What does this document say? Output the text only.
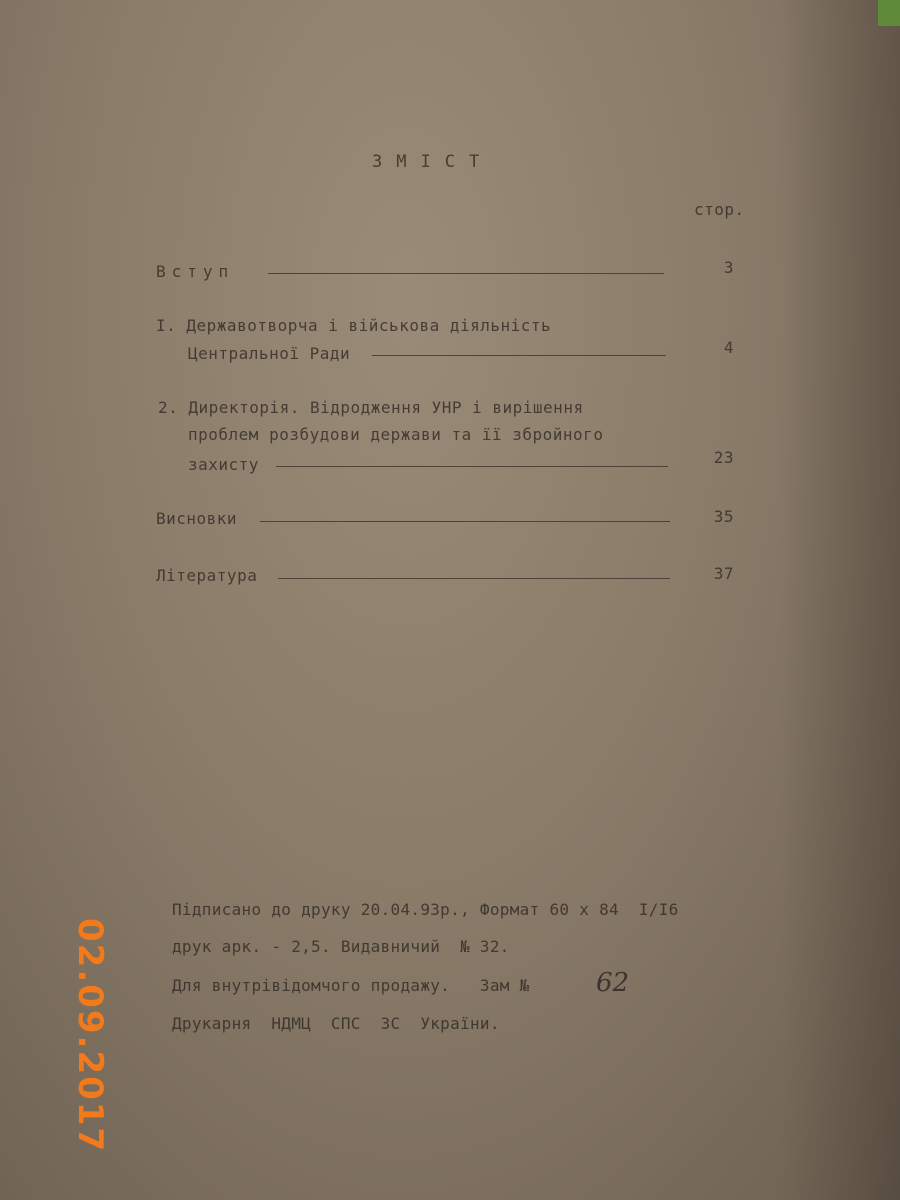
ЗМІСТ
стор.
Вступ	3
І. Державотворча і військова діяльність
Центральної Ради	4
2. Директорія. Відродження УНР і вирішення
проблем розбудови держави та її збройного
захисту	23
Висновки	35
Література	37
Підписано до друку 20.04.93р., Формат 60 х 84  І/І6
друк арк. - 2,5. Видавничий  № 32.
Для внутрівідомчого продажу.   Зам №	62
Друкарня  НДМЦ  СПС  ЗС  України.
02.09.2017
